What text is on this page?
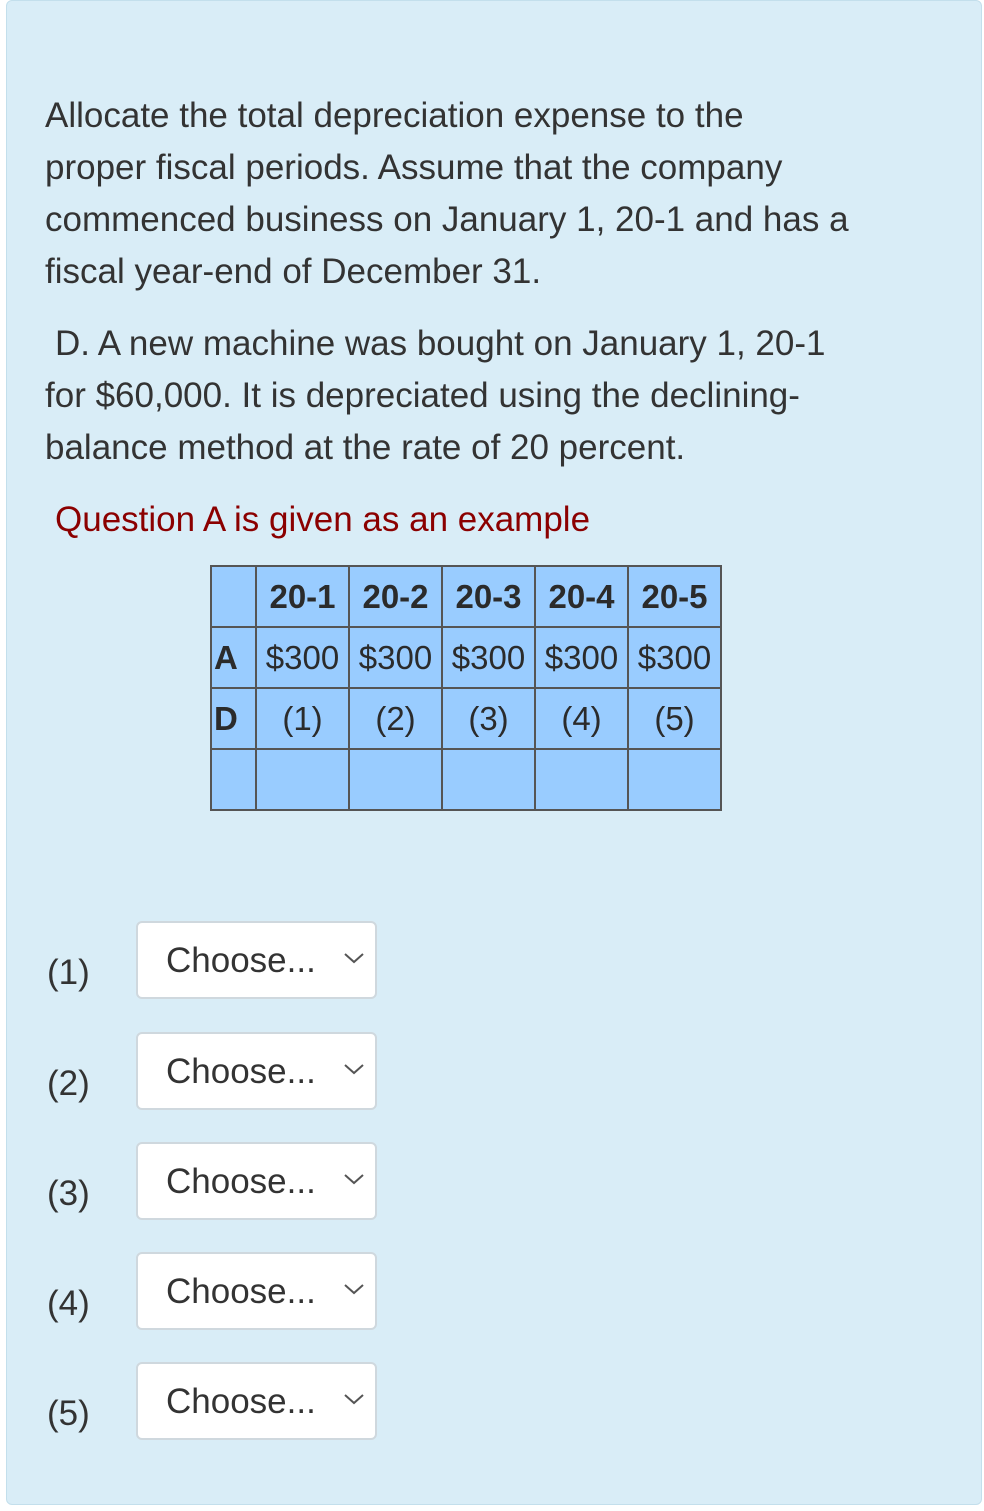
Allocate the total depreciation expense to the
proper fiscal periods. Assume that the company
commenced business on January 1, 20-1 and has a
fiscal year-end of December 31.
D. A new machine was bought on January 1, 20-1
for $60,000. It is depreciated using the declining-
balance method at the rate of 20 percent.
Question A is given as an example
	20-1	20-2	20-3	20-4	20-5
A	$300	$300	$300	$300	$300
D	(1)	(2)	(3)	(4)	(5)

(1) Choose...
(2) Choose...
(3) Choose...
(4) Choose...
(5) Choose...
